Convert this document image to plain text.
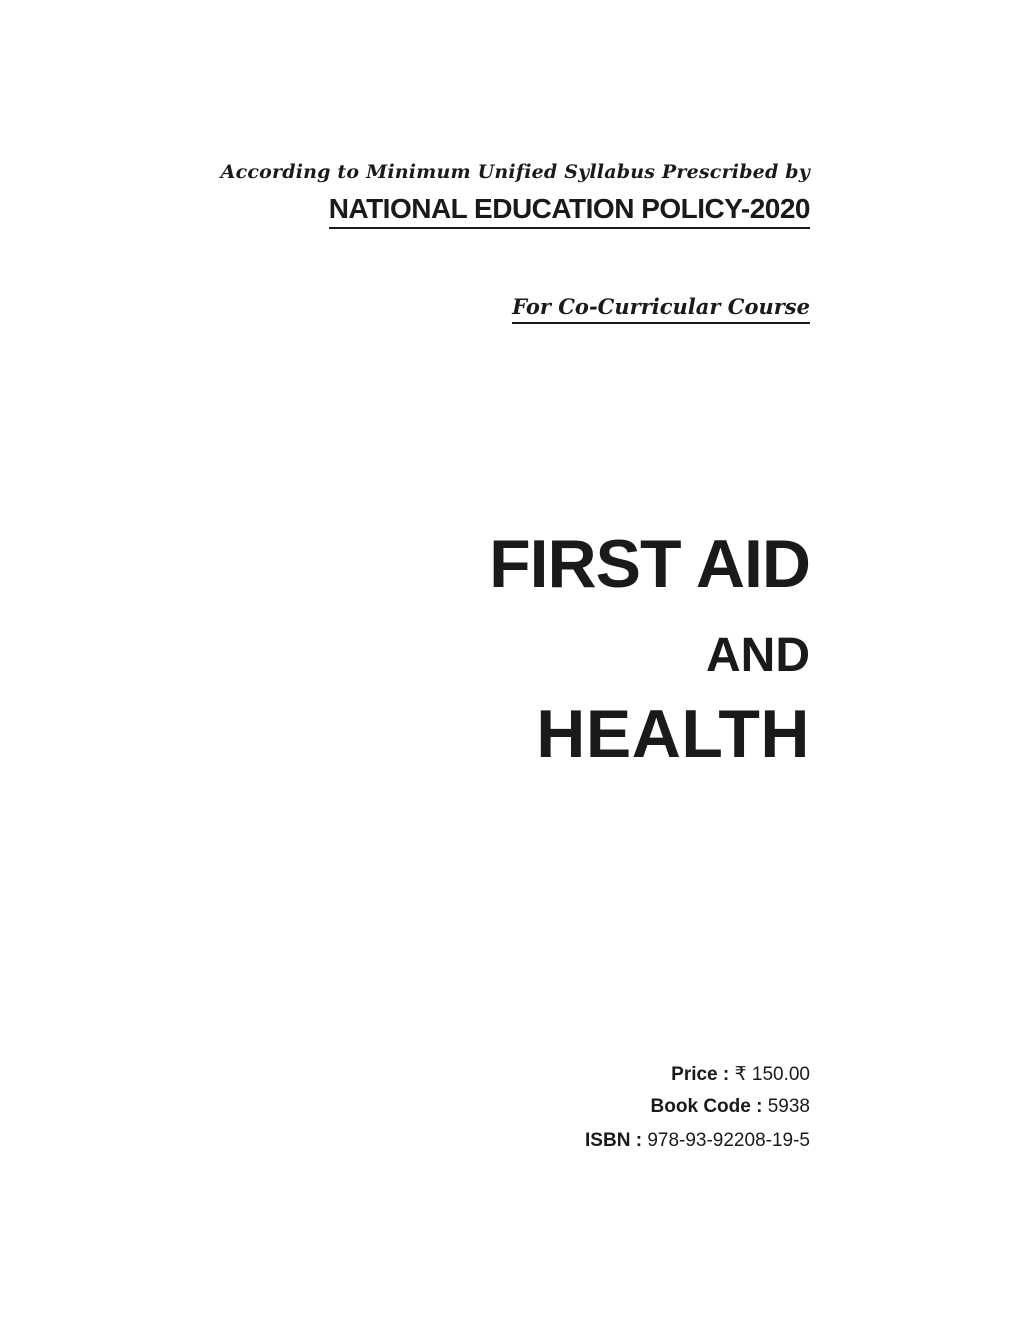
According to Minimum Unified Syllabus Prescribed by
NATIONAL EDUCATION POLICY-2020
For Co-Curricular Course
FIRST AID
AND
HEALTH
Price : ₹ 150.00
Book Code : 5938
ISBN : 978-93-92208-19-5
